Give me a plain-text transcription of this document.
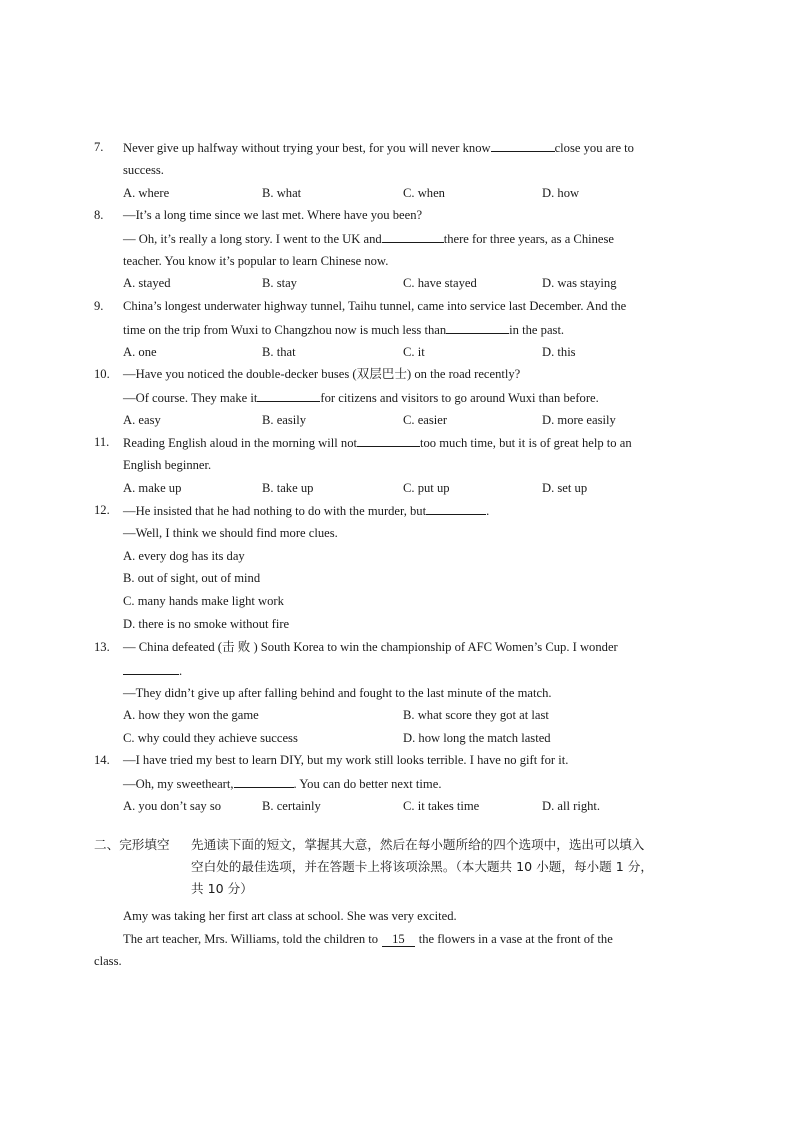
7.	Never give up halfway without trying your best, for you will never know	close you are to
success.
A. where	B. what	C. when	D. how
8.	—It’s a long time since we last met. Where have you been?
— Oh, it’s really a long story. I went to the UK and	there for three years, as a Chinese
teacher. You know it’s popular to learn Chinese now.
A. stayed	B. stay	C. have stayed	D. was staying
9.	China’s longest underwater highway tunnel, Taihu tunnel, came into service last December. And the
time on the trip from Wuxi to Changzhou now is much less than	in the past.
A. one	B. that	C. it	D. this
10.	—Have you noticed the double-decker buses (双层巴士) on the road recently?
—Of course. They make it	for citizens and visitors to go around Wuxi than before.
A. easy	B. easily	C. easier	D. more easily
11.	Reading English aloud in the morning will not	too much time, but it is of great help to an
English beginner.
A. make up	B. take up	C. put up	D. set up
12.	—He insisted that he had nothing to do with the murder, but	.
—Well, I think we should find more clues.
A. every dog has its day
B. out of sight, out of mind
C. many hands make light work
D. there is no smoke without fire
13.	— China defeated (击 败 ) South Korea to win the championship of AFC Women’s Cup. I wonder
.
—They didn’t give up after falling behind and fought to the last minute of the match.
A. how they won the game	B. what score they got at last
C. why could they achieve success	D. how long the match lasted
14.	—I have tried my best to learn DIY, but my work still looks terrible. I have no gift for it.
—Oh, my sweetheart,	. You can do better next time.
A. you don’t say so	B. certainly	C. it takes time	D. all right.
二、完形填空 先通读下面的短文，掌握其大意，然后在每小题所给的四个选项中，选出可以填入
空白处的最佳选项，并在答题卡上将该项涂黑。（本大题共 10 小题，每小题 1 分，
共 10 分）
Amy was taking her first art class at school. She was very excited.
The art teacher, Mrs. Williams, told the children to 15 the flowers in a vase at the front of the
class.
